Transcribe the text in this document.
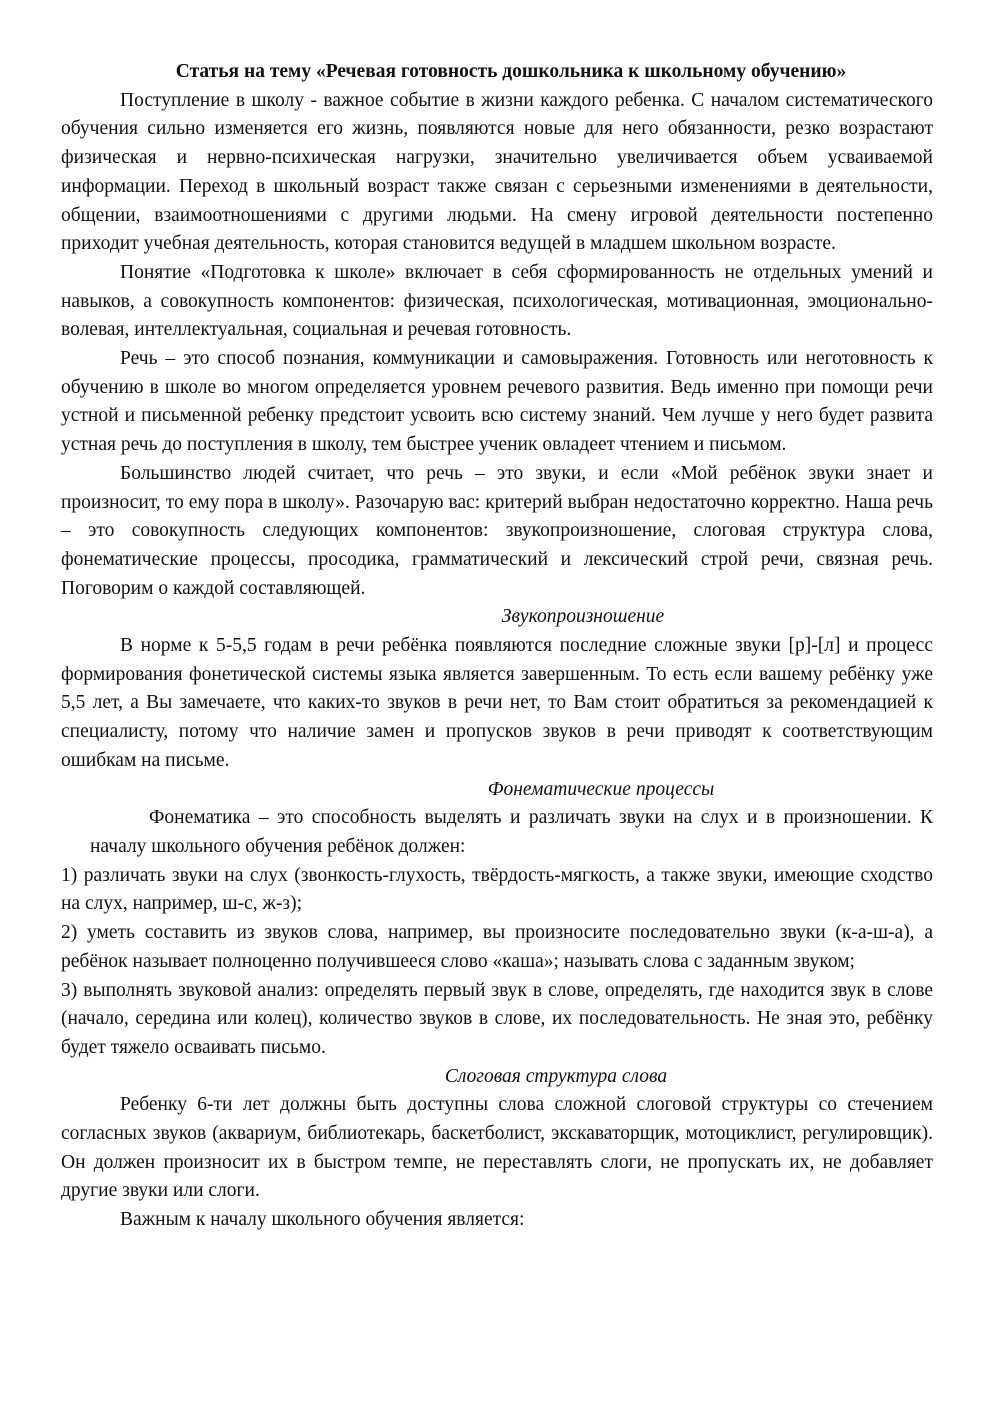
Статья на тему «Речевая готовность дошкольника к школьному обучению»

Поступление в школу - важное событие в жизни каждого ребенка. С началом систематического обучения сильно изменяется его жизнь, появляются новые для него обязанности, резко возрастают физическая и нервно-психическая нагрузки, значительно увеличивается объем усваиваемой информации. Переход в школьный возраст также связан с серьезными изменениями в деятельности, общении, взаимоотношениями с другими людьми. На смену игровой деятельности постепенно приходит учебная деятельность, которая становится ведущей в младшем школьном возрасте.

Понятие «Подготовка к школе» включает в себя сформированность не отдельных умений и навыков, а совокупность компонентов: физическая, психологическая, мотивационная, эмоционально-волевая, интеллектуальная, социальная и речевая готовность.

Речь – это способ познания, коммуникации и самовыражения. Готовность или неготовность к обучению в школе во многом определяется уровнем речевого развития. Ведь именно при помощи речи устной и письменной ребенку предстоит усвоить всю систему знаний. Чем лучше у него будет развита устная речь до поступления в школу, тем быстрее ученик овладеет чтением и письмом.

Большинство людей считает, что речь – это звуки, и если «Мой ребёнок звуки знает и произносит, то ему пора в школу». Разочарую вас: критерий выбран недостаточно корректно. Наша речь – это совокупность следующих компонентов: звукопроизношение, слоговая структура слова, фонематические процессы, просодика, грамматический и лексический строй речи, связная речь. Поговорим о каждой составляющей.

Звукопроизношение

В норме к 5-5,5 годам в речи ребёнка появляются последние сложные звуки [р]-[л] и процесс формирования фонетической системы языка является завершенным. То есть если вашему ребёнку уже 5,5 лет, а Вы замечаете, что каких-то звуков в речи нет, то Вам стоит обратиться за рекомендацией к специалисту, потому что наличие замен и пропусков звуков в речи приводят к соответствующим ошибкам на письме.

Фонематические процессы

Фонематика – это способность выделять и различать звуки на слух и в произношении. К началу школьного обучения ребёнок должен:

1) различать звуки на слух (звонкость-глухость, твёрдость-мягкость, а также звуки, имеющие сходство на слух, например, ш-с, ж-з);

2) уметь составить из звуков слова, например, вы произносите последовательно звуки (к-а-ш-а), а ребёнок называет полноценно получившееся слово «каша»; называть слова с заданным звуком;

3) выполнять звуковой анализ: определять первый звук в слове, определять, где находится звук в слове (начало, середина или колец), количество звуков в слове, их последовательность. Не зная это, ребёнку будет тяжело осваивать письмо.

Слоговая структура слова

Ребенку 6-ти лет должны быть доступны слова сложной слоговой структуры со стечением согласных звуков (аквариум, библиотекарь, баскетболист, экскаваторщик, мотоциклист, регулировщик). Он должен произносит их в быстром темпе, не переставлять слоги, не пропускать их, не добавляет другие звуки или слоги.

Важным к началу школьного обучения является:
